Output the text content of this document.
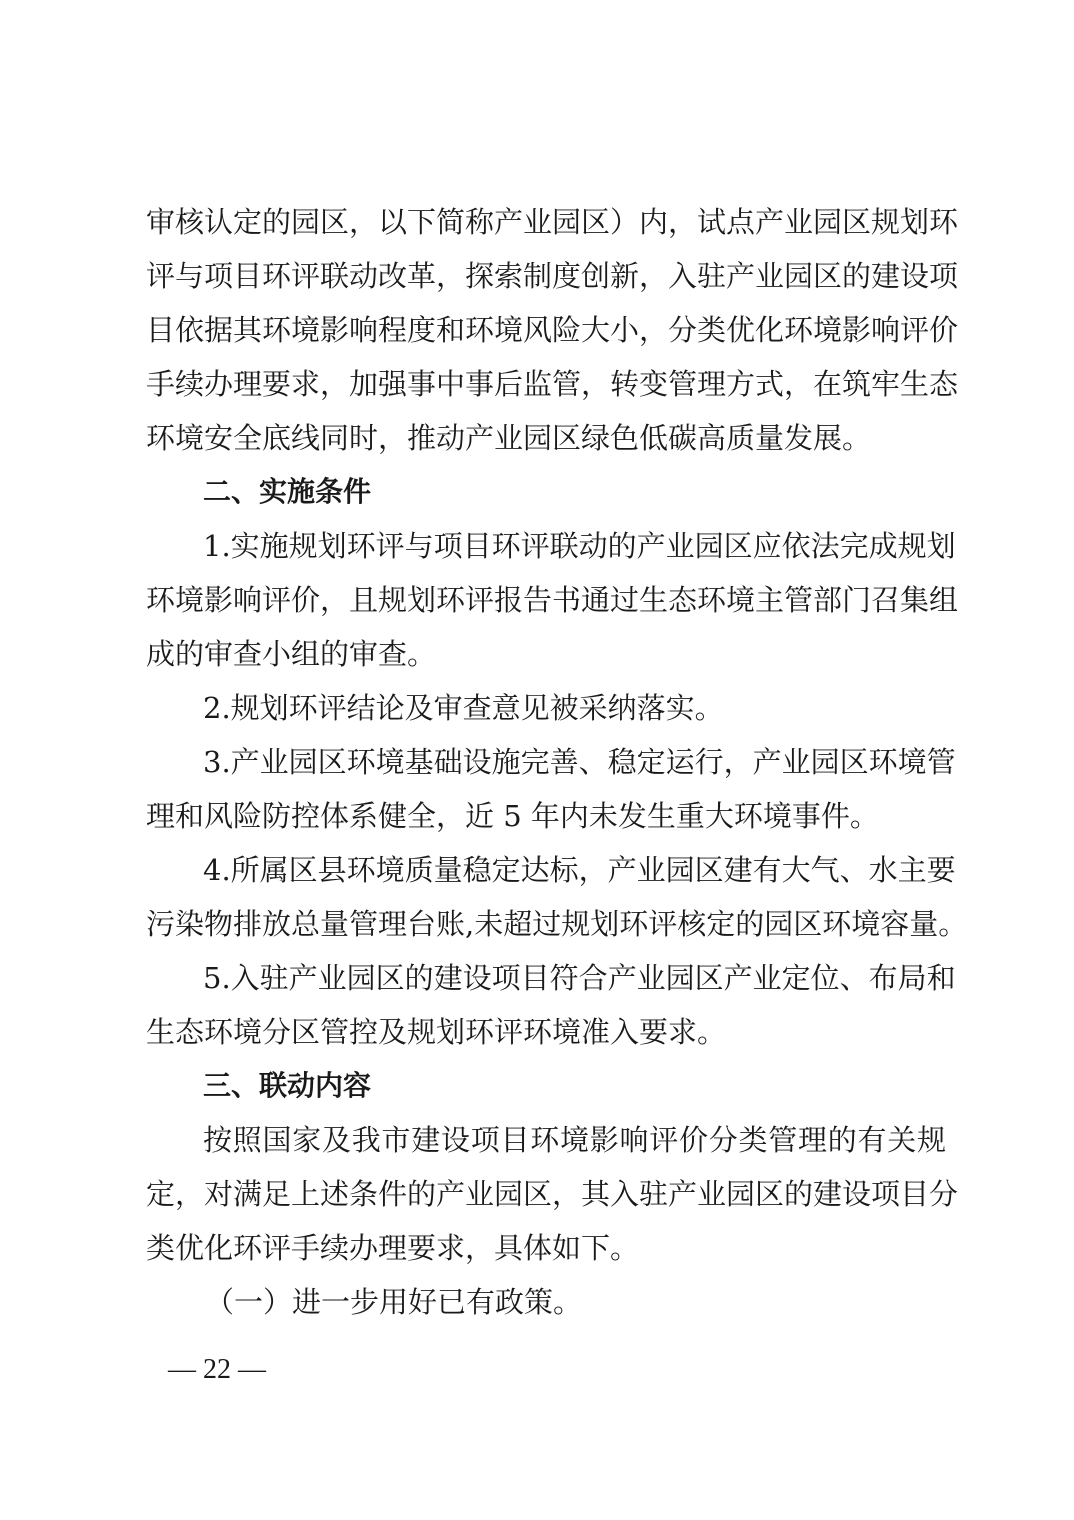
审核认定的园区，以下简称产业园区）内，试点产业园区规划环
评与项目环评联动改革，探索制度创新，入驻产业园区的建设项
目依据其环境影响程度和环境风险大小，分类优化环境影响评价
手续办理要求，加强事中事后监管，转变管理方式，在筑牢生态
环境安全底线同时，推动产业园区绿色低碳高质量发展。
二、实施条件
1.实施规划环评与项目环评联动的产业园区应依法完成规划
环境影响评价，且规划环评报告书通过生态环境主管部门召集组
成的审查小组的审查。
2.规划环评结论及审查意见被采纳落实。
3.产业园区环境基础设施完善、稳定运行，产业园区环境管
理和风险防控体系健全，近 5 年内未发生重大环境事件。
4.所属区县环境质量稳定达标，产业园区建有大气、水主要
污染物排放总量管理台账,未超过规划环评核定的园区环境容量。
5.入驻产业园区的建设项目符合产业园区产业定位、布局和
生态环境分区管控及规划环评环境准入要求。
三、联动内容
按照国家及我市建设项目环境影响评价分类管理的有关规
定，对满足上述条件的产业园区，其入驻产业园区的建设项目分
类优化环评手续办理要求，具体如下。
（一）进一步用好已有政策。
— 22 —
